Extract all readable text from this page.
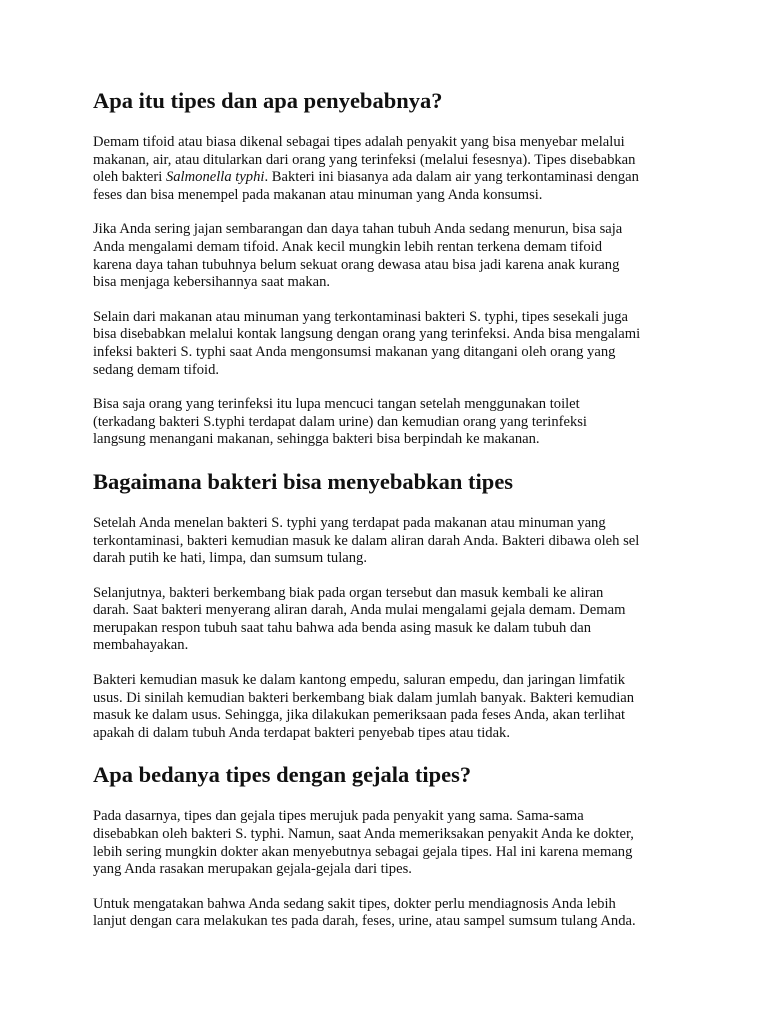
Apa itu tipes dan apa penyebabnya?

Demam tifoid atau biasa dikenal sebagai tipes adalah penyakit yang bisa menyebar melalui
makanan, air, atau ditularkan dari orang yang terinfeksi (melalui fesesnya). Tipes disebabkan
oleh bakteri Salmonella typhi. Bakteri ini biasanya ada dalam air yang terkontaminasi dengan
feses dan bisa menempel pada makanan atau minuman yang Anda konsumsi.

Jika Anda sering jajan sembarangan dan daya tahan tubuh Anda sedang menurun, bisa saja
Anda mengalami demam tifoid. Anak kecil mungkin lebih rentan terkena demam tifoid
karena daya tahan tubuhnya belum sekuat orang dewasa atau bisa jadi karena anak kurang
bisa menjaga kebersihannya saat makan.

Selain dari makanan atau minuman yang terkontaminasi bakteri S. typhi, tipes sesekali juga
bisa disebabkan melalui kontak langsung dengan orang yang terinfeksi. Anda bisa mengalami
infeksi bakteri S. typhi saat Anda mengonsumsi makanan yang ditangani oleh orang yang
sedang demam tifoid.

Bisa saja orang yang terinfeksi itu lupa mencuci tangan setelah menggunakan toilet
(terkadang bakteri S.typhi terdapat dalam urine) dan kemudian orang yang terinfeksi
langsung menangani makanan, sehingga bakteri bisa berpindah ke makanan.

Bagaimana bakteri bisa menyebabkan tipes

Setelah Anda menelan bakteri S. typhi yang terdapat pada makanan atau minuman yang
terkontaminasi, bakteri kemudian masuk ke dalam aliran darah Anda. Bakteri dibawa oleh sel
darah putih ke hati, limpa, dan sumsum tulang.

Selanjutnya, bakteri berkembang biak pada organ tersebut dan masuk kembali ke aliran
darah. Saat bakteri menyerang aliran darah, Anda mulai mengalami gejala demam. Demam
merupakan respon tubuh saat tahu bahwa ada benda asing masuk ke dalam tubuh dan
membahayakan.

Bakteri kemudian masuk ke dalam kantong empedu, saluran empedu, dan jaringan limfatik
usus. Di sinilah kemudian bakteri berkembang biak dalam jumlah banyak. Bakteri kemudian
masuk ke dalam usus. Sehingga, jika dilakukan pemeriksaan pada feses Anda, akan terlihat
apakah di dalam tubuh Anda terdapat bakteri penyebab tipes atau tidak.

Apa bedanya tipes dengan gejala tipes?

Pada dasarnya, tipes dan gejala tipes merujuk pada penyakit yang sama. Sama-sama
disebabkan oleh bakteri S. typhi. Namun, saat Anda memeriksakan penyakit Anda ke dokter,
lebih sering mungkin dokter akan menyebutnya sebagai gejala tipes. Hal ini karena memang
yang Anda rasakan merupakan gejala-gejala dari tipes.

Untuk mengatakan bahwa Anda sedang sakit tipes, dokter perlu mendiagnosis Anda lebih
lanjut dengan cara melakukan tes pada darah, feses, urine, atau sampel sumsum tulang Anda.
